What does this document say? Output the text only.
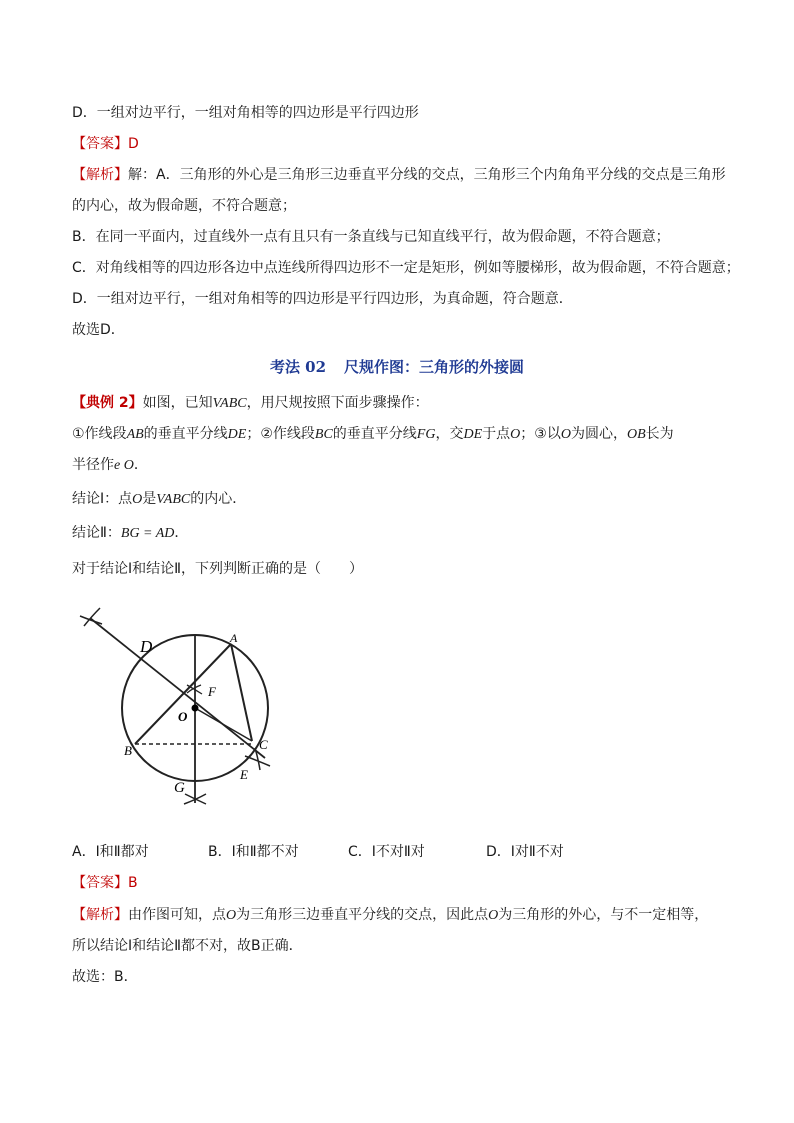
D．一组对边平行，一组对角相等的四边形是平行四边形
【答案】D
【解析】解：A．三角形的外心是三角形三边垂直平分线的交点，三角形三个内角角平分线的交点是三角形
的内心，故为假命题，不符合题意；
B．在同一平面内，过直线外一点有且只有一条直线与已知直线平行，故为假命题，不符合题意；
C．对角线相等的四边形各边中点连线所得四边形不一定是矩形，例如等腰梯形，故为假命题，不符合题意；
D．一组对边平行，一组对角相等的四边形是平行四边形，为真命题，符合题意．
故选D．
考法 02 尺规作图：三角形的外接圆
【典例 2】如图，已知VABC，用尺规按照下面步骤操作：
①作线段AB的垂直平分线DE；②作线段BC的垂直平分线FG，交DE于点O；③以O为圆心，OB长为
半径作e O．
结论Ⅰ：点O是VABC的内心．
结论Ⅱ：BG = AD．
对于结论Ⅰ和结论Ⅱ，下列判断正确的是（　　）
D	A
F
O
B	C
E
G
A．Ⅰ和Ⅱ都对	B．Ⅰ和Ⅱ都不对	C．Ⅰ不对Ⅱ对	D．Ⅰ对Ⅱ不对
【答案】B
【解析】由作图可知，点O为三角形三边垂直平分线的交点，因此点O为三角形的外心，与不一定相等，
所以结论Ⅰ和结论Ⅱ都不对，故B正确．
故选：B．
